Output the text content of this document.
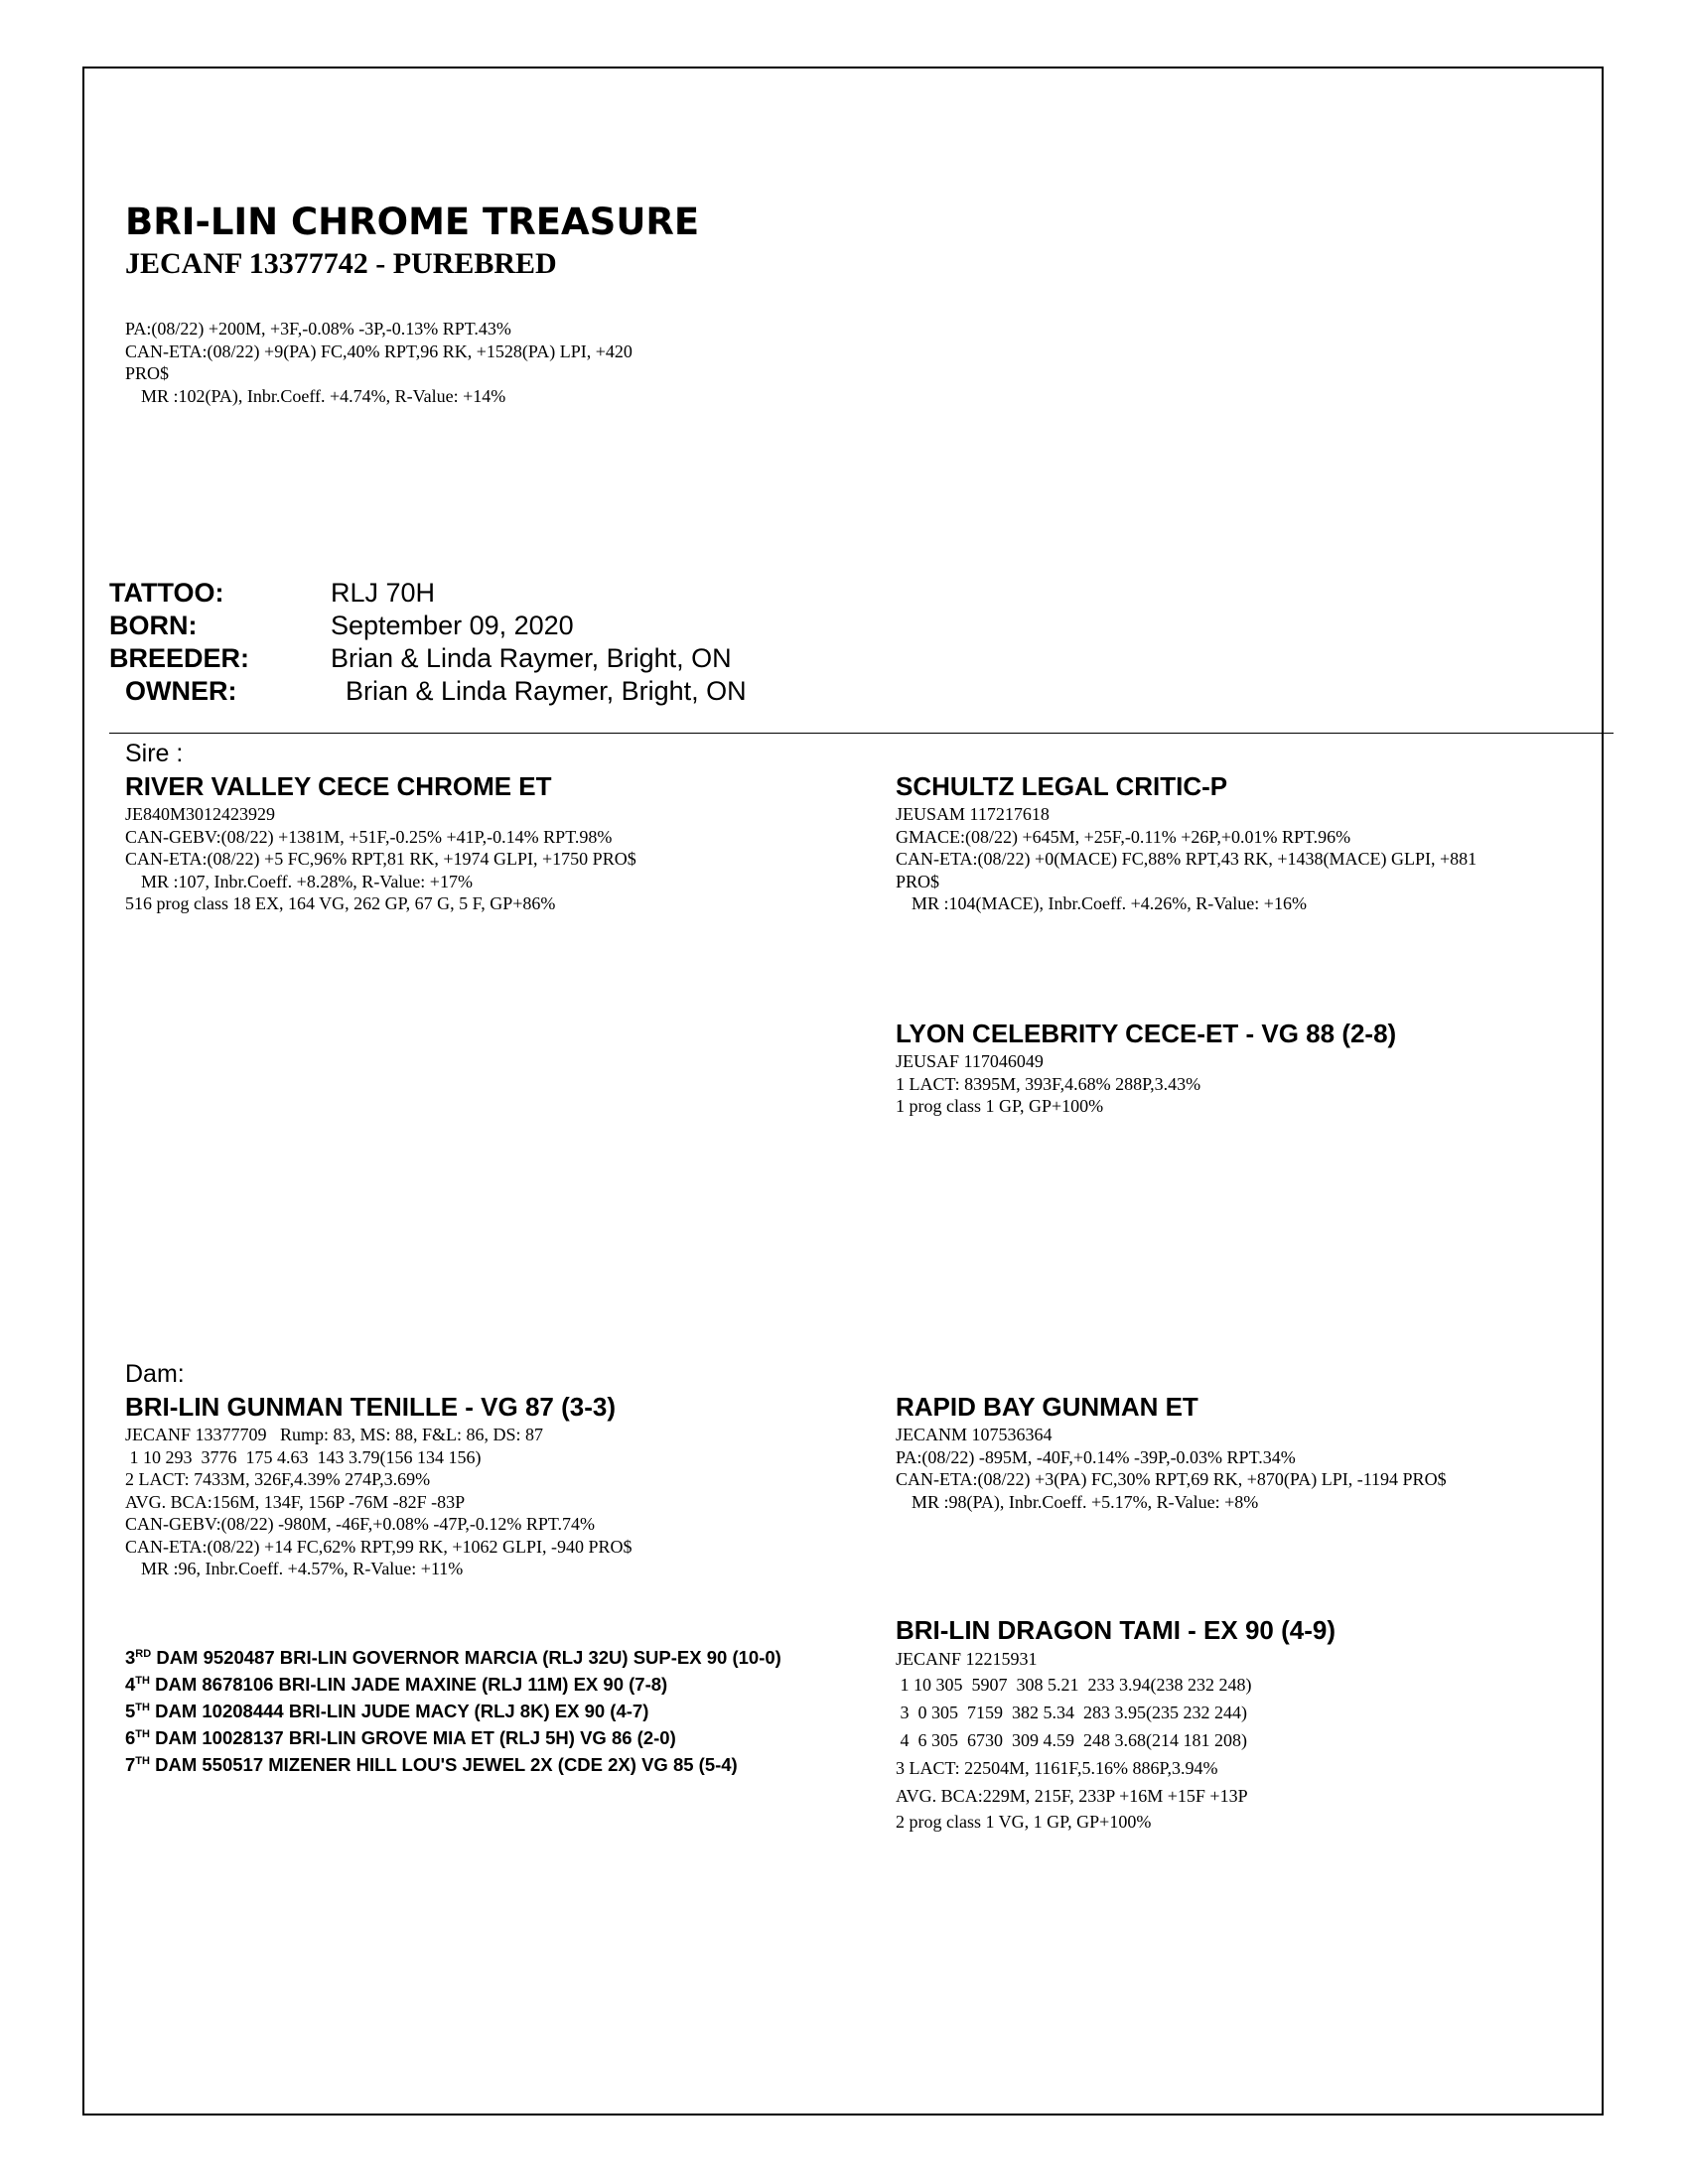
BRI-LIN CHROME TREASURE
JECANF 13377742 - PUREBRED
PA:(08/22) +200M, +3F,-0.08% -3P,-0.13% RPT.43%
CAN-ETA:(08/22) +9(PA) FC,40% RPT,96 RK, +1528(PA) LPI, +420
PRO$
MR :102(PA), Inbr.Coeff. +4.74%, R-Value: +14%
TATTOO:	RLJ 70H
BORN:	September 09, 2020
BREEDER:	Brian & Linda Raymer, Bright, ON
OWNER:	Brian & Linda Raymer, Bright, ON
Sire :
RIVER VALLEY CECE CHROME ET
JE840M3012423929
CAN-GEBV:(08/22) +1381M, +51F,-0.25% +41P,-0.14% RPT.98%
CAN-ETA:(08/22) +5 FC,96% RPT,81 RK, +1974 GLPI, +1750 PRO$
MR :107, Inbr.Coeff. +8.28%, R-Value: +17%
516 prog class 18 EX, 164 VG, 262 GP, 67 G, 5 F, GP+86%
SCHULTZ LEGAL CRITIC-P
JEUSAM 117217618
GMACE:(08/22) +645M, +25F,-0.11% +26P,+0.01% RPT.96%
CAN-ETA:(08/22) +0(MACE) FC,88% RPT,43 RK, +1438(MACE) GLPI, +881
PRO$
MR :104(MACE), Inbr.Coeff. +4.26%, R-Value: +16%
LYON CELEBRITY CECE-ET - VG 88 (2-8)
JEUSAF 117046049
1 LACT: 8395M, 393F,4.68% 288P,3.43%
1 prog class 1 GP, GP+100%
Dam:
BRI-LIN GUNMAN TENILLE - VG 87 (3-3)
JECANF 13377709   Rump: 83, MS: 88, F&L: 86, DS: 87
1 10 293  3776  175 4.63  143 3.79(156 134 156)
2 LACT: 7433M, 326F,4.39% 274P,3.69%
AVG. BCA:156M, 134F, 156P -76M -82F -83P
CAN-GEBV:(08/22) -980M, -46F,+0.08% -47P,-0.12% RPT.74%
CAN-ETA:(08/22) +14 FC,62% RPT,99 RK, +1062 GLPI, -940 PRO$
MR :96, Inbr.Coeff. +4.57%, R-Value: +11%
RAPID BAY GUNMAN ET
JECANM 107536364
PA:(08/22) -895M, -40F,+0.14% -39P,-0.03% RPT.34%
CAN-ETA:(08/22) +3(PA) FC,30% RPT,69 RK, +870(PA) LPI, -1194 PRO$
MR :98(PA), Inbr.Coeff. +5.17%, R-Value: +8%
BRI-LIN DRAGON TAMI - EX 90 (4-9)
JECANF 12215931
1 10 305  5907  308 5.21  233 3.94(238 232 248)
3  0 305  7159  382 5.34  283 3.95(235 232 244)
4  6 305  6730  309 4.59  248 3.68(214 181 208)
3 LACT: 22504M, 1161F,5.16% 886P,3.94%
AVG. BCA:229M, 215F, 233P +16M +15F +13P
2 prog class 1 VG, 1 GP, GP+100%
3RD DAM 9520487 BRI-LIN GOVERNOR MARCIA (RLJ 32U) SUP-EX 90 (10-0)
4TH DAM 8678106 BRI-LIN JADE MAXINE (RLJ 11M) EX 90 (7-8)
5TH DAM 10208444 BRI-LIN JUDE MACY (RLJ 8K) EX 90 (4-7)
6TH DAM 10028137 BRI-LIN GROVE MIA ET (RLJ 5H) VG 86 (2-0)
7TH DAM 550517 MIZENER HILL LOU'S JEWEL 2X (CDE 2X) VG 85 (5-4)
